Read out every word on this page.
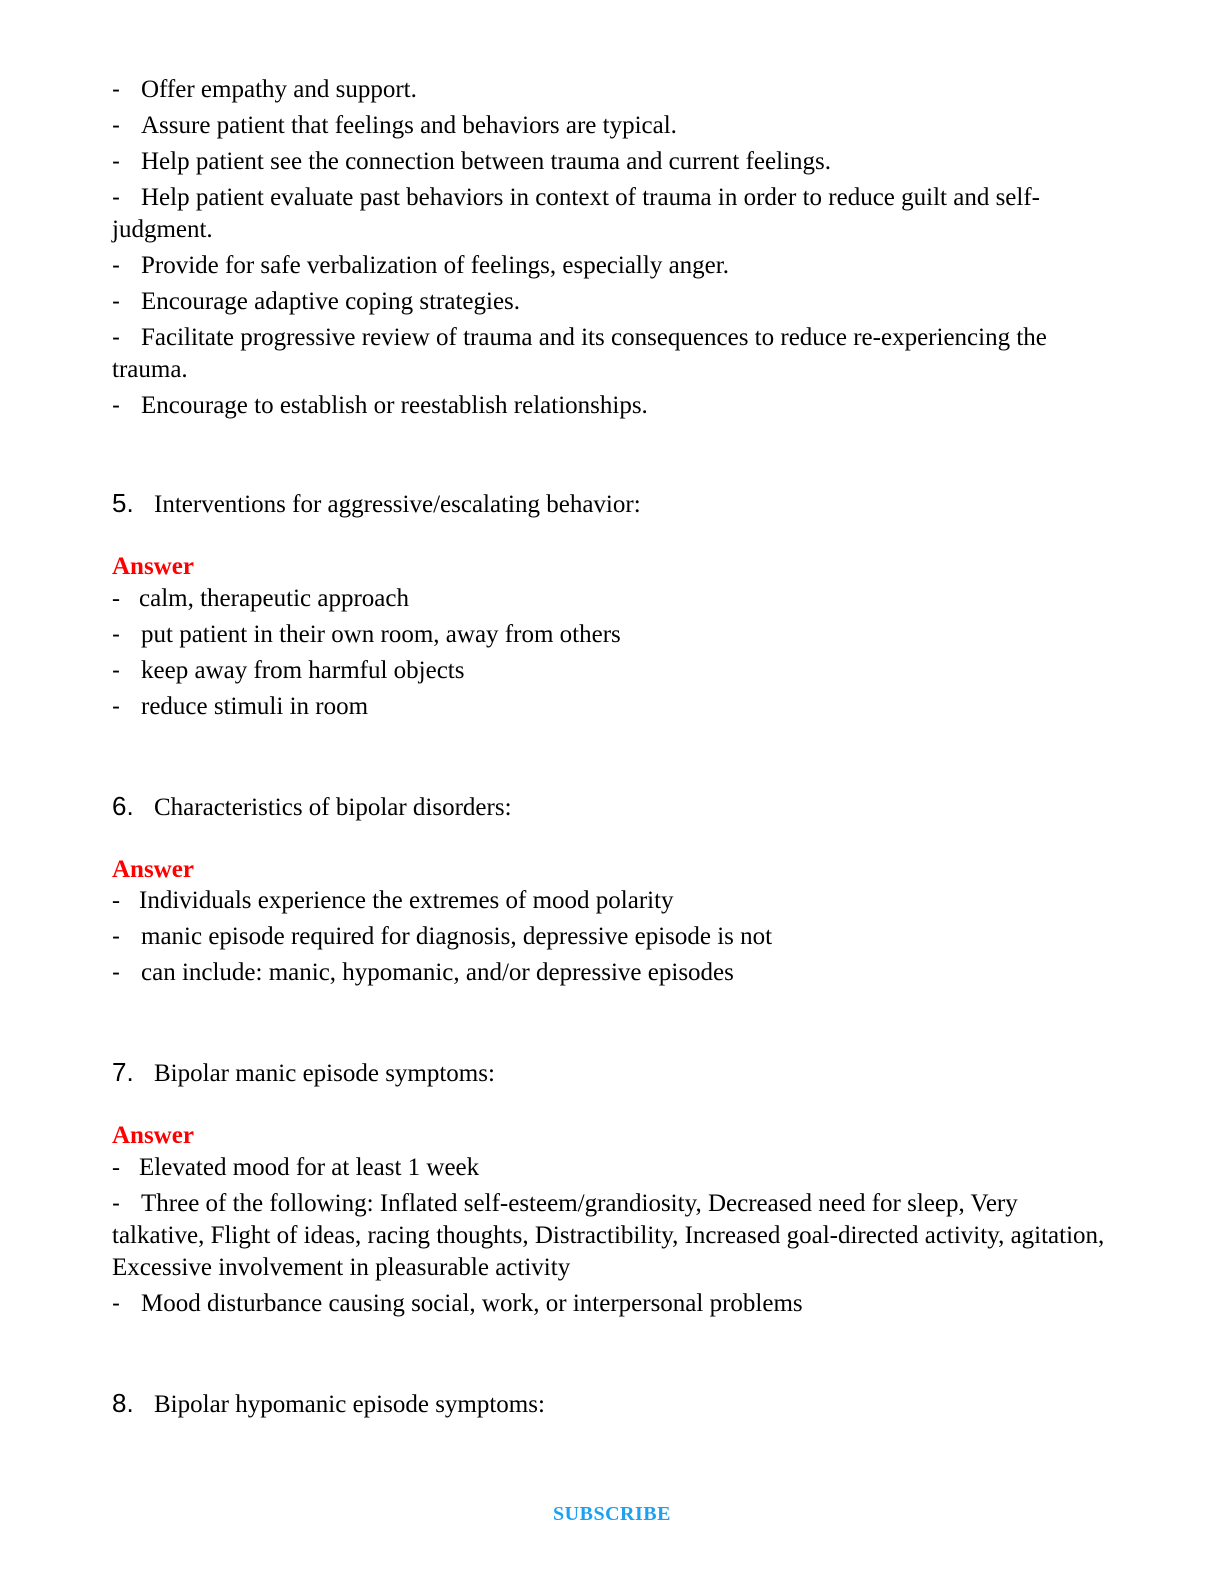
- Offer empathy and support.

- Assure patient that feelings and behaviors are typical.

- Help patient see the connection between trauma and current feelings.

- Help patient evaluate past behaviors in context of trauma in order to reduce guilt and self-judgment.

- Provide for safe verbalization of feelings, especially anger.

- Encourage adaptive coping strategies.

- Facilitate progressive review of trauma and its consequences to reduce re-experiencing the trauma.

- Encourage to establish or reestablish relationships.

5. Interventions for aggressive/escalating behavior:
Answer

- calm, therapeutic approach

- put patient in their own room, away from others

- keep away from harmful objects

- reduce stimuli in room

6. Characteristics of bipolar disorders:
Answer

- Individuals experience the extremes of mood polarity

- manic episode required for diagnosis, depressive episode is not

- can include: manic, hypomanic, and/or depressive episodes

7. Bipolar manic episode symptoms:
Answer

- Elevated mood for at least 1 week

- Three of the following: Inflated self-esteem/grandiosity, Decreased need for sleep, Very talkative, Flight of ideas, racing thoughts, Distractibility, Increased goal-directed activity, agitation, Excessive involvement in pleasurable activity

- Mood disturbance causing social, work, or interpersonal problems

8. Bipolar hypomanic episode symptoms:
SUBSCRIBE
